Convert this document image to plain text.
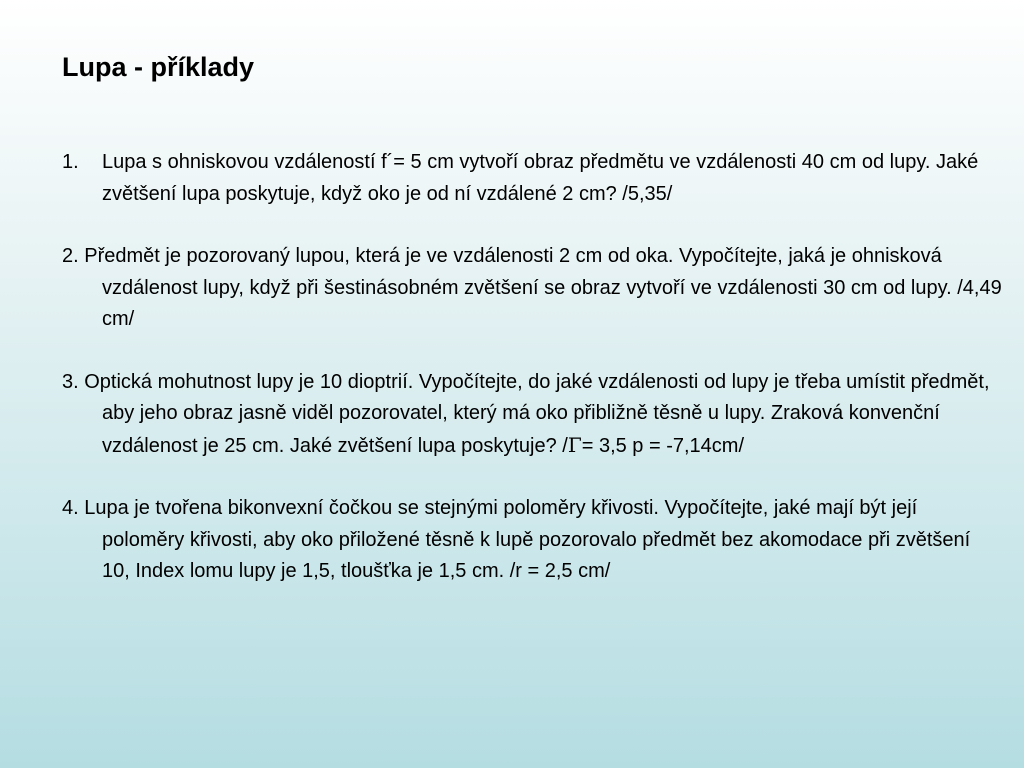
Lupa - příklady
1. Lupa s ohniskovou vzdáleností f´= 5 cm vytvoří obraz předmětu ve vzdálenosti 40 cm od lupy. Jaké zvětšení lupa poskytuje, když oko je od ní vzdálené 2 cm? /5,35/
2. Předmět je pozorovaný lupou, která je ve vzdálenosti 2 cm od oka. Vypočítejte, jaká je ohnisková vzdálenost lupy, když při šestinásobném zvětšení se obraz vytvoří ve vzdálenosti 30 cm od lupy. /4,49 cm/
3. Optická mohutnost lupy je 10 dioptrií. Vypočítejte, do jaké vzdálenosti od lupy je třeba umístit předmět, aby jeho obraz jasně viděl pozorovatel, který má oko přibližně těsně u lupy. Zraková konvenční vzdálenost je 25 cm. Jaké zvětšení lupa poskytuje? /Γ= 3,5 p = -7,14cm/
4. Lupa je tvořena bikonvexní čočkou se stejnými poloměry křivosti. Vypočítejte, jaké mají být její poloměry křivosti, aby oko přiložené těsně k lupě pozorovalo předmět bez akomodace při zvětšení 10, Index lomu lupy je 1,5, tloušťka je 1,5 cm. /r = 2,5 cm/
